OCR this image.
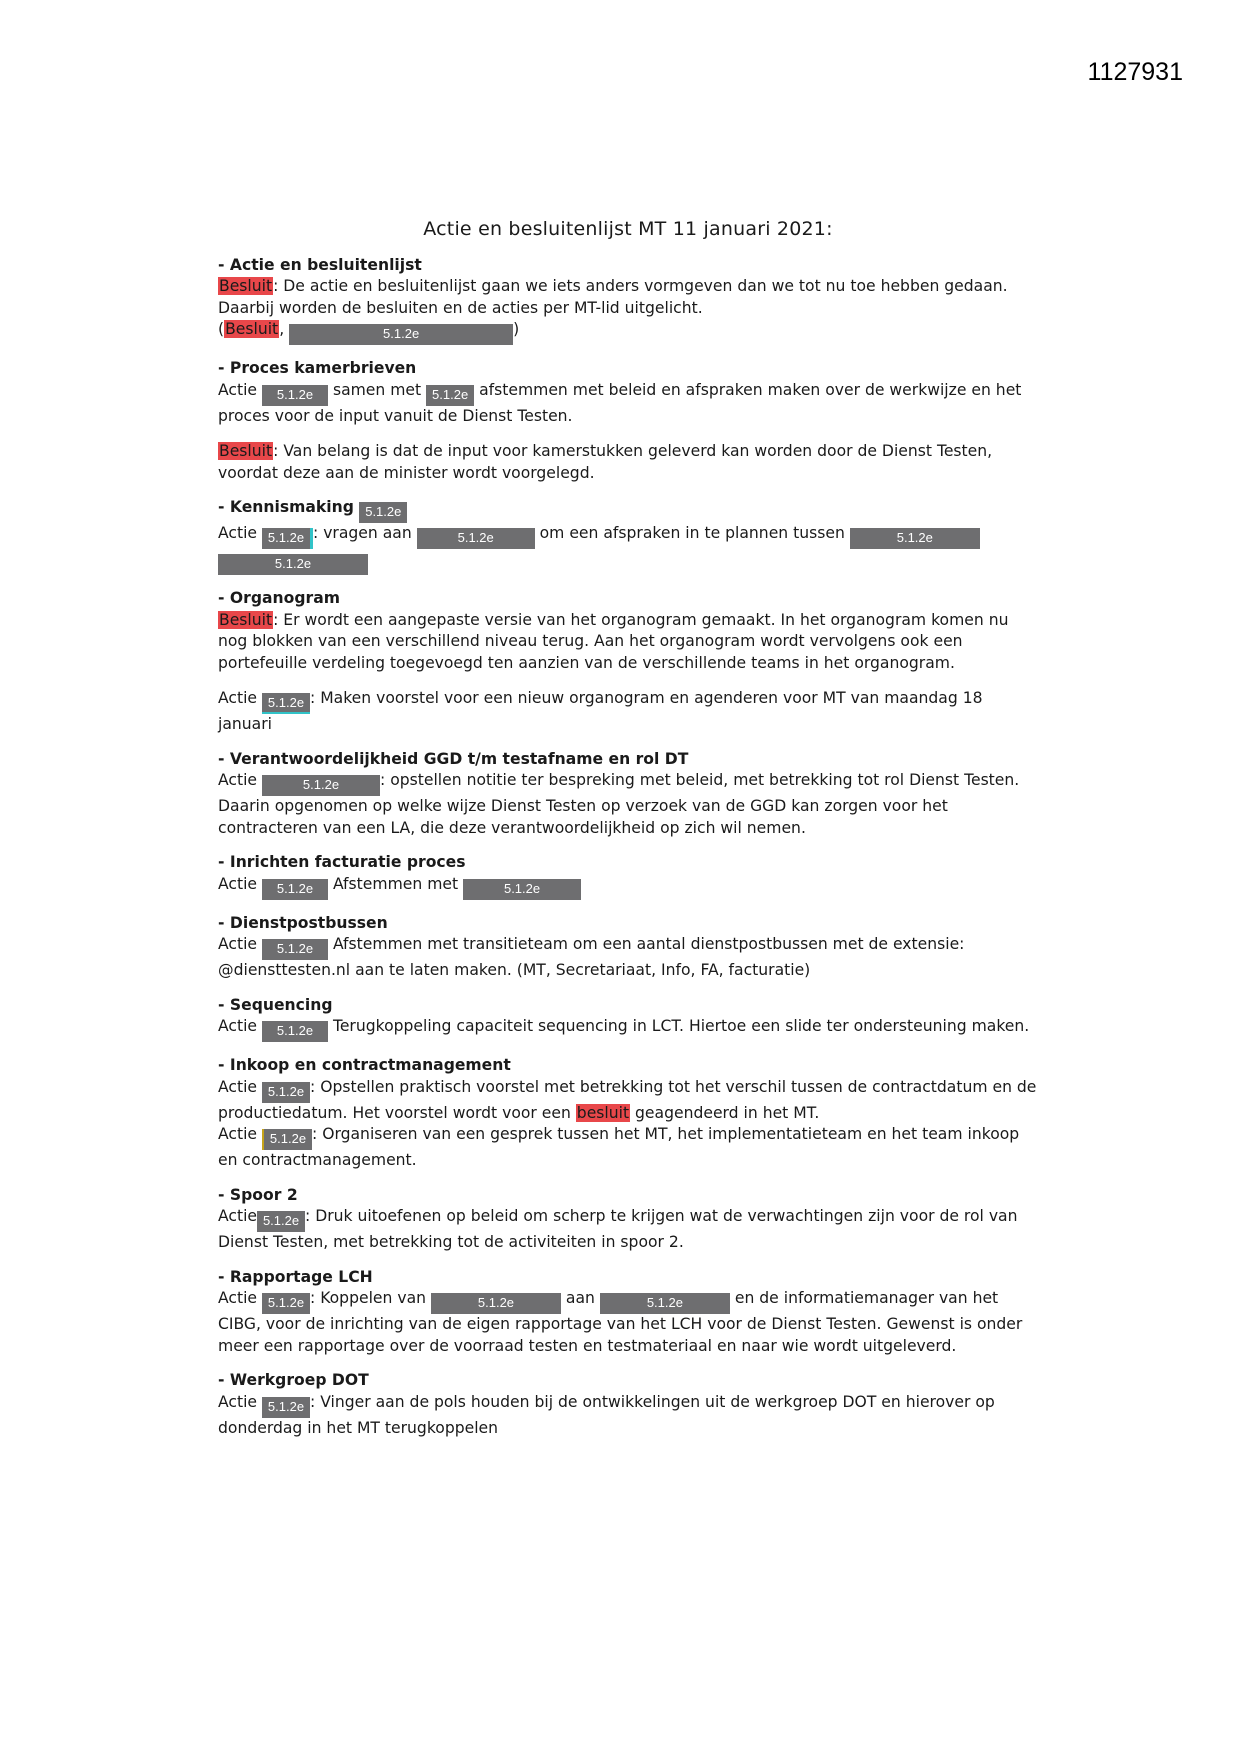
1127931
Actie en besluitenlijst MT 11 januari 2021:
- Actie en besluitenlijst

Besluit: De actie en besluitenlijst gaan we iets anders vormgeven dan we tot nu toe hebben gedaan. Daarbij worden de besluiten en de acties per MT-lid uitgelicht.

(Besluit,	5.1.2e	)

- Proces kamerbrieven

Actie 5.1.2e samen met 5.1.2e afstemmen met beleid en afspraken maken over de werkwijze en het proces voor de input vanuit de Dienst Testen.

Besluit: Van belang is dat de input voor kamerstukken geleverd kan worden door de Dienst Testen, voordat deze aan de minister wordt voorgelegd.

- Kennismaking 5.1.2e

Actie 5.1.2e : vragen aan	5.1.2e	om een afspraken in te plannen tussen	5.1.2e 5.1.2e

- Organogram

Besluit: Er wordt een aangepaste versie van het organogram gemaakt. In het organogram komen nu nog blokken van een verschillend niveau terug. Aan het organogram wordt vervolgens ook een portefeuille verdeling toegevoegd ten aanzien van de verschillende teams in het organogram.

Actie 5.1.2e : Maken voorstel voor een nieuw organogram en agenderen voor MT van maandag 18 januari

- Verantwoordelijkheid GGD t/m testafname en rol DT

Actie	5.1.2e	: opstellen notitie ter bespreking met beleid, met betrekking tot rol Dienst Testen. Daarin opgenomen op welke wijze Dienst Testen op verzoek van de GGD kan zorgen voor het contracteren van een LA, die deze verantwoordelijkheid op zich wil nemen.

- Inrichten facturatie proces

Actie 5.1.2e Afstemmen met	5.1.2e

- Dienstpostbussen

Actie 5.1.2e Afstemmen met transitieteam om een aantal dienstpostbussen met de extensie: @diensttesten.nl aan te laten maken. (MT, Secretariaat, Info, FA, facturatie)

- Sequencing

Actie 5.1.2e Terugkoppeling capaciteit sequencing in LCT. Hiertoe een slide ter ondersteuning maken.

- Inkoop en contractmanagement

Actie 5.1.2e : Opstellen praktisch voorstel met betrekking tot het verschil tussen de contractdatum en de productiedatum. Het voorstel wordt voor een besluit geagendeerd in het MT.

Actie 5.1.2e : Organiseren van een gesprek tussen het MT, het implementatieteam en het team inkoop en contractmanagement.

- Spoor 2

Actie 5.1.2e : Druk uitoefenen op beleid om scherp te krijgen wat de verwachtingen zijn voor de rol van Dienst Testen, met betrekking tot de activiteiten in spoor 2.

- Rapportage LCH

Actie 5.1.2e : Koppelen van	5.1.2e	aan	5.1.2e	en de informatiemanager van het CIBG, voor de inrichting van de eigen rapportage van het LCH voor de Dienst Testen. Gewenst is onder meer een rapportage over de voorraad testen en testmateriaal en naar wie wordt uitgeleverd.

- Werkgroep DOT

Actie 5.1.2e : Vinger aan de pols houden bij de ontwikkelingen uit de werkgroep DOT en hierover op donderdag in het MT terugkoppelen
